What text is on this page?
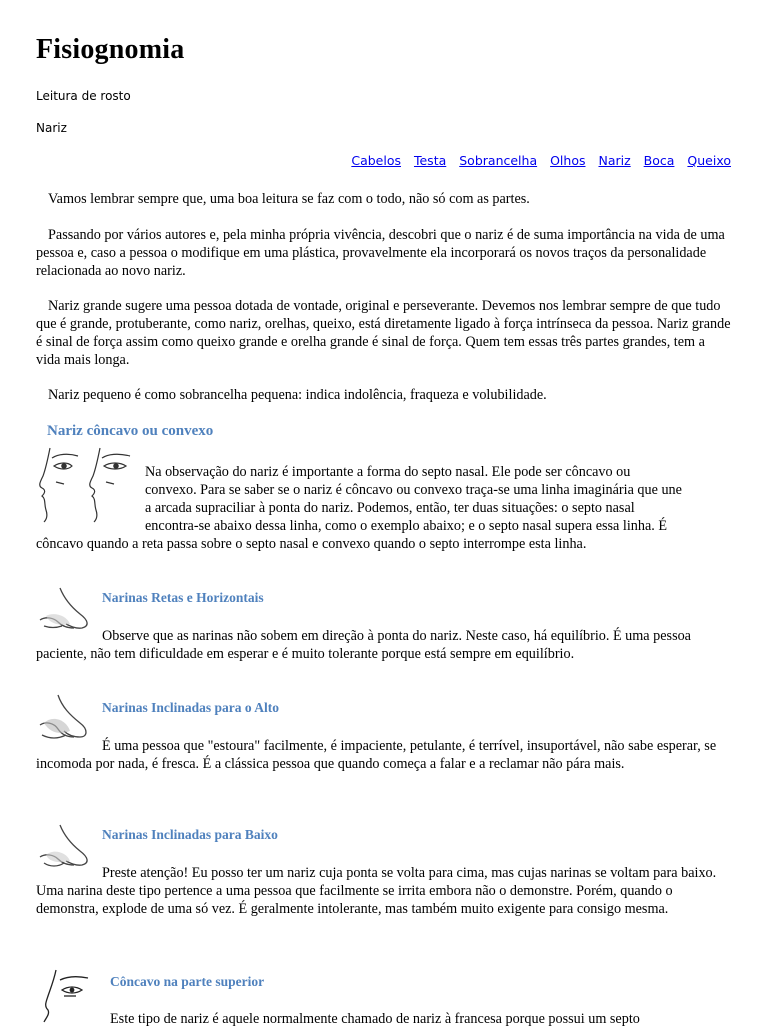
Fisiognomia
Leitura de rosto
Nariz
Cabelos Testa Sobrancelha Olhos Nariz Boca Queixo

Vamos lembrar sempre que, uma boa leitura se faz com o todo, não só com as partes.

Passando por vários autores e, pela minha própria vivência, descobri que o nariz é de suma importância na vida de uma pessoa e, caso a pessoa o modifique em uma plástica, provavelmente ela incorporará os novos traços da personalidade relacionada ao novo nariz.

Nariz grande sugere uma pessoa dotada de vontade, original e perseverante. Devemos nos lembrar sempre de que tudo que é grande, protuberante, como nariz, orelhas, queixo, está diretamente ligado à força intrínseca da pessoa. Nariz grande é sinal de força assim como queixo grande e orelha grande é sinal de força. Quem tem essas três partes grandes, tem a vida mais longa.

Nariz pequeno é como sobrancelha pequena: indica indolência, fraqueza e volubilidade.

Nariz côncavo ou convexo

Na observação do nariz é importante a forma do septo nasal. Ele pode ser côncavo ou

convexo. Para se saber se o nariz é côncavo ou convexo traça-se uma linha imaginária que une

a arcada supraciliar à ponta do nariz. Podemos, então, ter duas situações: o septo nasal

encontra-se abaixo dessa linha, como o exemplo abaixo; e o septo nasal supera essa linha. É

côncavo quando a reta passa sobre o septo nasal e convexo quando o septo interrompe esta linha.

Narinas Retas e Horizontais

Observe que as narinas não sobem em direção à ponta do nariz. Neste caso, há equilíbrio. É uma pessoa paciente, não tem dificuldade em esperar e é muito tolerante porque está sempre em equilíbrio.

Narinas Inclinadas para o Alto

É uma pessoa que "estoura" facilmente, é impaciente, petulante, é terrível, insuportável, não sabe esperar, se incomoda por nada, é fresca. É a clássica pessoa que quando começa a falar e a reclamar não pára mais.

Narinas Inclinadas para Baixo

Preste atenção! Eu posso ter um nariz cuja ponta se volta para cima, mas cujas narinas se voltam para baixo. Uma narina deste tipo pertence a uma pessoa que facilmente se irrita embora não o demonstre. Porém, quando o demonstra, explode de uma só vez. É geralmente intolerante, mas também muito exigente para consigo mesma.

Côncavo na parte superior

Este tipo de nariz é aquele normalmente chamado de nariz à francesa porque possui um septo
